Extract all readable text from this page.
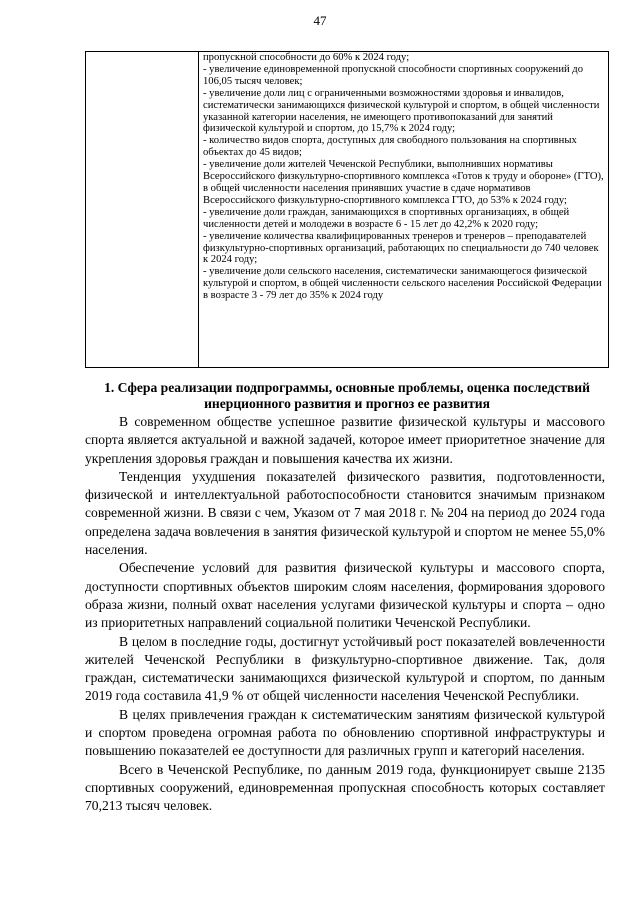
47

пропускной способности до 60% к 2024 году;
- увеличение единовременной пропускной способности спортивных сооружений до 106,05 тысяч человек;
- увеличение доли лиц с ограниченными возможностями здоровья и инвалидов, систематически занимающихся физической культурой и спортом, в общей численности указанной категории населения, не имеющего противопоказаний для занятий физической культурой и спортом, до 15,7% к 2024 году;
- количество видов спорта, доступных для свободного пользования на спортивных объектах до 45 видов;
- увеличение доли жителей Чеченской Республики, выполнивших нормативы Всероссийского физкультурно-спортивного комплекса «Готов к труду и обороне» (ГТО), в общей численности населения принявших участие в сдаче нормативов Всероссийского физкультурно-спортивного комплекса ГТО, до 53% к 2024 году;
- увеличение доли граждан, занимающихся в спортивных организациях, в общей численности детей и молодежи в возрасте 6 - 15 лет до 42,2% к 2020 году;
- увеличение количества квалифицированных тренеров и тренеров – преподавателей физкультурно-спортивных организаций, работающих по специальности до 740 человек к 2024 году;
- увеличение доли сельского населения, систематически занимающегося физической культурой и спортом, в общей численности сельского населения Российской Федерации в возрасте 3 - 79 лет до 35% к 2024 году
1. Сфера реализации подпрограммы, основные проблемы, оценка последствий инерционного развития и прогноз ее развития

В современном обществе успешное развитие физической культуры и массового спорта является актуальной и важной задачей, которое имеет приоритетное значение для укрепления здоровья граждан и повышения качества их жизни.

Тенденция ухудшения показателей физического развития, подготовленности, физической и интеллектуальной работоспособности становится значимым признаком современной жизни. В связи с чем, Указом от 7 мая 2018 г. № 204 на период до 2024 года определена задача вовлечения в занятия физической культурой и спортом не менее 55,0% населения.

Обеспечение условий для развития физической культуры и массового спорта, доступности спортивных объектов широким слоям населения, формирования здорового образа жизни, полный охват населения услугами физической культуры и спорта – одно из приоритетных направлений социальной политики Чеченской Республики.

В целом в последние годы, достигнут устойчивый рост показателей вовлеченности жителей Чеченской Республики в физкультурно-спортивное движение. Так, доля граждан, систематически занимающихся физической культурой и спортом, по данным 2019 года составила 41,9 % от общей численности населения Чеченской Республики.

В целях привлечения граждан к систематическим занятиям физической культурой и спортом проведена огромная работа по обновлению спортивной инфраструктуры и повышению показателей ее доступности для различных групп и категорий населения.

Всего в Чеченской Республике, по данным 2019 года, функционирует свыше 2135 спортивных сооружений, единовременная пропускная способность которых составляет 70,213 тысяч человек.
